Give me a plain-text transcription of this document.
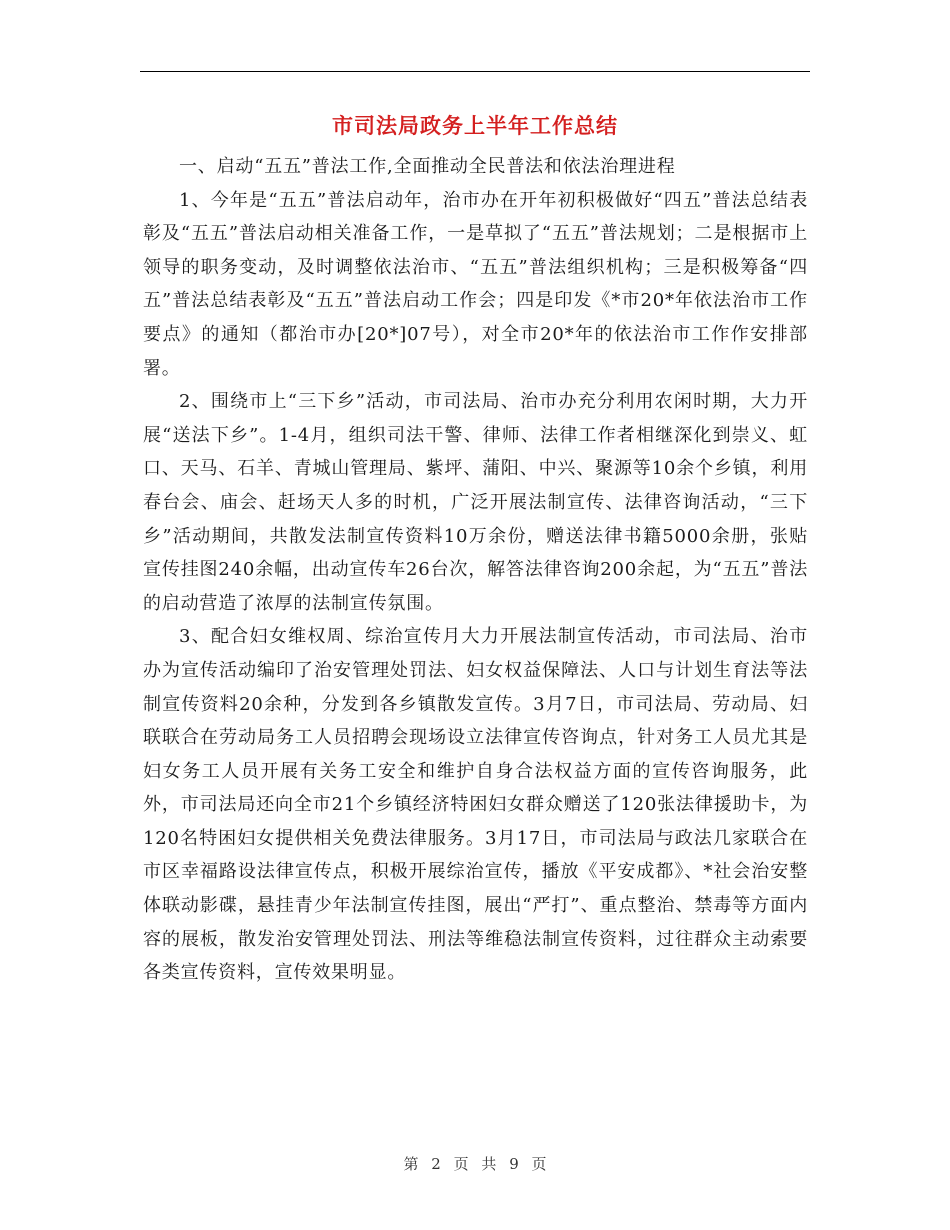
市司法局政务上半年工作总结

一、启动“五五”普法工作,全面推动全民普法和依法治理进程

1、今年是“五五”普法启动年，治市办在开年初积极做好“四五”普法总结表彰及“五五”普法启动相关准备工作，一是草拟了“五五”普法规划；二是根据市上领导的职务变动，及时调整依法治市、“五五”普法组织机构；三是积极筹备“四五”普法总结表彰及“五五”普法启动工作会；四是印发《*市20*年依法治市工作要点》的通知（都治市办[20*]07号），对全市20*年的依法治市工作作安排部署。

2、围绕市上“三下乡”活动，市司法局、治市办充分利用农闲时期，大力开展“送法下乡”。1-4月，组织司法干警、律师、法律工作者相继深化到崇义、虹口、天马、石羊、青城山管理局、紫坪、蒲阳、中兴、聚源等10余个乡镇，利用春台会、庙会、赶场天人多的时机，广泛开展法制宣传、法律咨询活动，“三下乡”活动期间，共散发法制宣传资料10万余份，赠送法律书籍5000余册，张贴宣传挂图240余幅，出动宣传车26台次，解答法律咨询200余起，为“五五”普法的启动营造了浓厚的法制宣传氛围。

3、配合妇女维权周、综治宣传月大力开展法制宣传活动，市司法局、治市办为宣传活动编印了治安管理处罚法、妇女权益保障法、人口与计划生育法等法制宣传资料20余种，分发到各乡镇散发宣传。3月7日，市司法局、劳动局、妇联联合在劳动局务工人员招聘会现场设立法律宣传咨询点，针对务工人员尤其是妇女务工人员开展有关务工安全和维护自身合法权益方面的宣传咨询服务，此外，市司法局还向全市21个乡镇经济特困妇女群众赠送了120张法律援助卡，为120名特困妇女提供相关免费法律服务。3月17日，市司法局与政法几家联合在市区幸福路设法律宣传点，积极开展综治宣传，播放《平安成都》、*社会治安整体联动影碟，悬挂青少年法制宣传挂图，展出“严打”、重点整治、禁毒等方面内容的展板，散发治安管理处罚法、刑法等维稳法制宣传资料，过往群众主动索要各类宣传资料，宣传效果明显。

第 2 页 共 9 页
